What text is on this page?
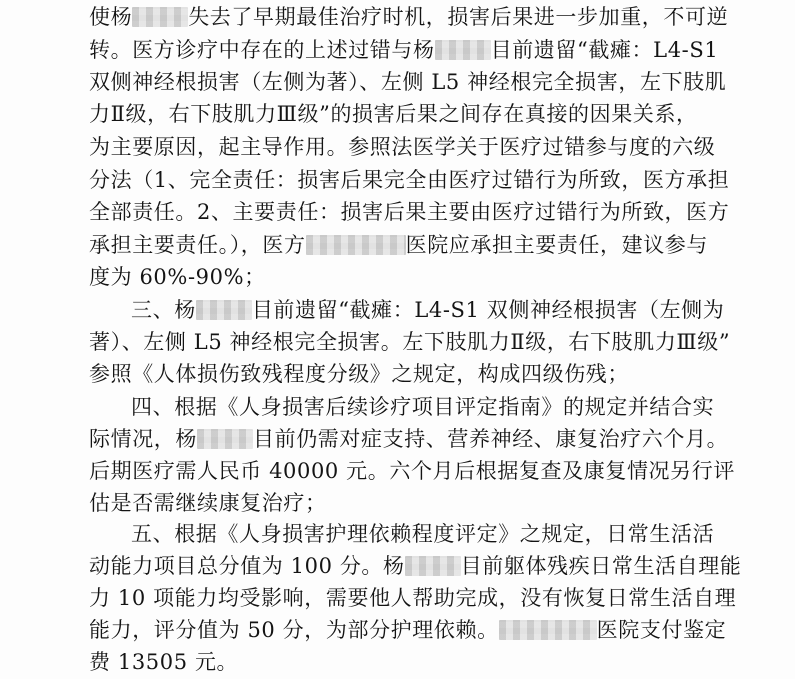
使杨	失去了早期最佳治疗时机，损害后果进一步加重，不可逆
转。医方诊疗中存在的上述过错与杨	目前遗留“截瘫：L4-S1
双侧神经根损害（左侧为著）、左侧 L5 神经根完全损害，左下肢肌
力Ⅱ级，右下肢肌力Ⅲ级”的损害后果之间存在真接的因果关系，
为主要原因，起主导作用。参照法医学关于医疗过错参与度的六级
分法（1、完全责任：损害后果完全由医疗过错行为所致，医方承担
全部责任。2、主要责任：损害后果主要由医疗过错行为所致，医方
承担主要责任。），医方	医院应承担主要责任，建议参与
度为 60%-90%；
三、杨	目前遗留“截瘫：L4-S1 双侧神经根损害（左侧为
著）、左侧 L5 神经根完全损害。左下肢肌力Ⅱ级，右下肢肌力Ⅲ级”
参照《人体损伤致残程度分级》之规定，构成四级伤残；
四、根据《人身损害后续诊疗项目评定指南》的规定并结合实
际情况，杨	目前仍需对症支持、营养神经、康复治疗六个月。
后期医疗需人民币 40000 元。六个月后根据复查及康复情况另行评
估是否需继续康复治疗；
五、根据《人身损害护理依赖程度评定》之规定，日常生活活
动能力项目总分值为 100 分。杨	目前躯体残疾日常生活自理能
力 10 项能力均受影响，需要他人帮助完成，没有恢复日常生活自理
能力，评分值为 50 分，为部分护理依赖。	医院支付鉴定
费 13505 元。
